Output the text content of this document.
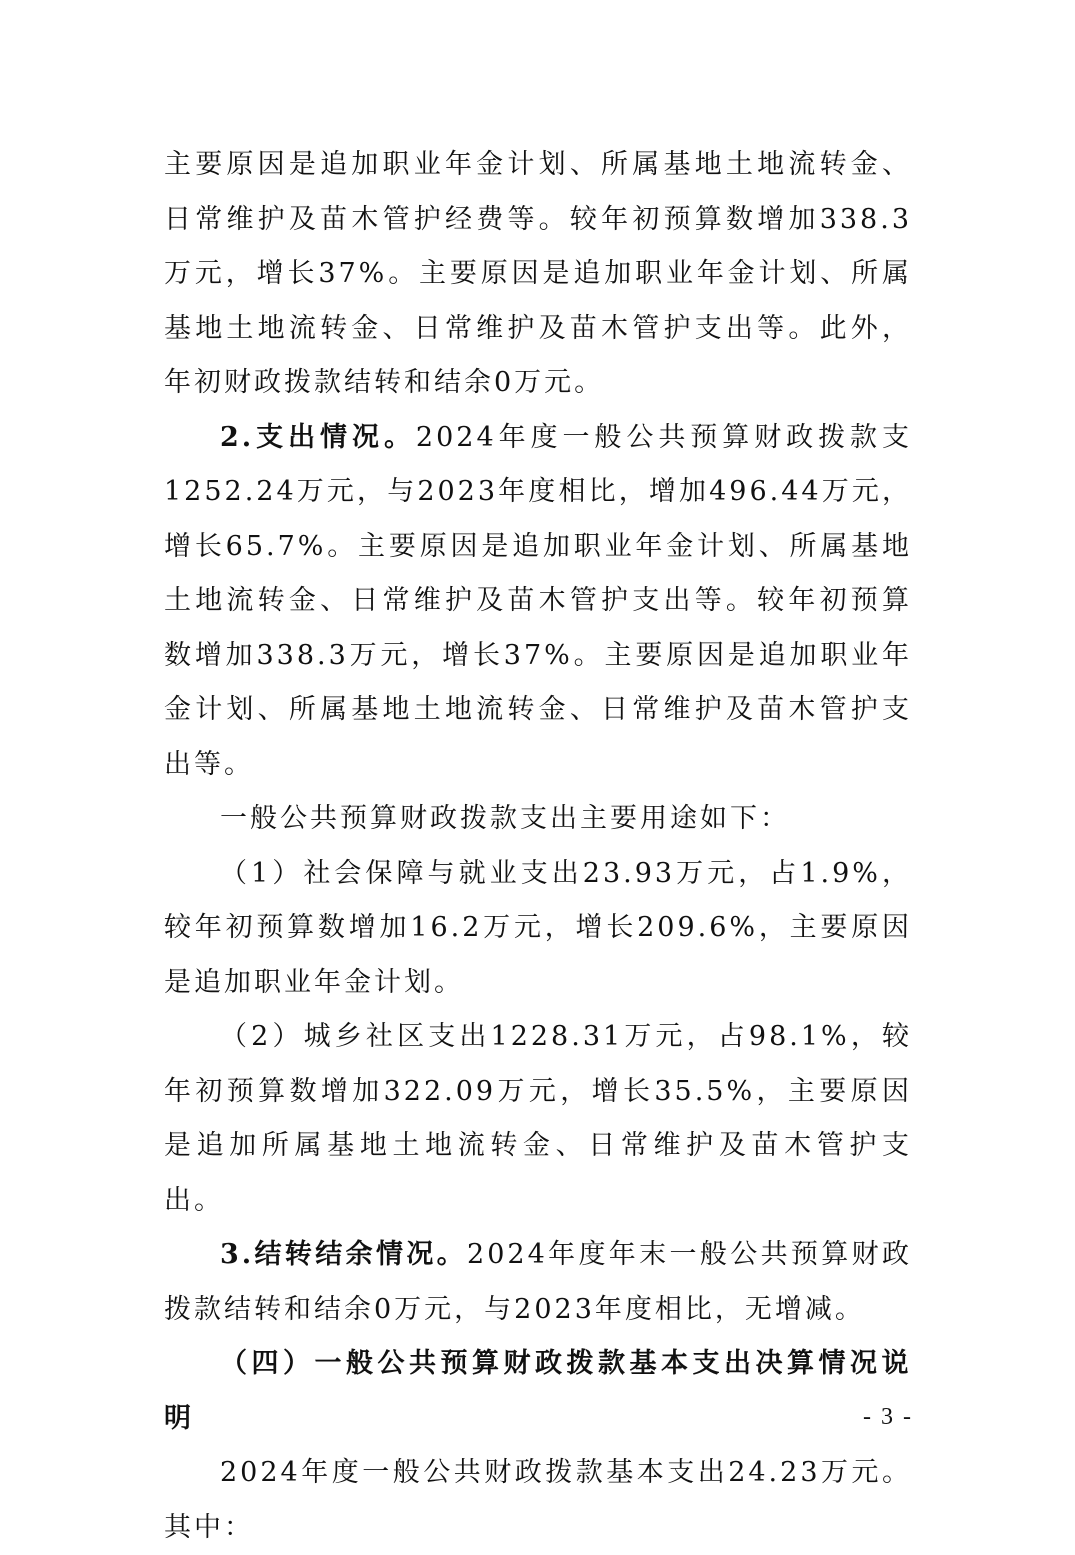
主要原因是追加职业年金计划、所属基地土地流转金、日常维护及苗木管护经费等。较年初预算数增加338.3万元，增长37%。主要原因是追加职业年金计划、所属基地土地流转金、日常维护及苗木管护支出等。此外，年初财政拨款结转和结余0万元。

2.支出情况。2024年度一般公共预算财政拨款支1252.24万元，与2023年度相比，增加496.44万元，增长65.7%。主要原因是追加职业年金计划、所属基地土地流转金、日常维护及苗木管护支出等。较年初预算数增加338.3万元，增长37%。主要原因是追加职业年金计划、所属基地土地流转金、日常维护及苗木管护支出等。

一般公共预算财政拨款支出主要用途如下：

（1）社会保障与就业支出23.93万元，占1.9%，较年初预算数增加16.2万元，增长209.6%，主要原因是追加职业年金计划。

（2）城乡社区支出1228.31万元，占98.1%，较年初预算数增加322.09万元，增长35.5%，主要原因是追加所属基地土地流转金、日常维护及苗木管护支出。

3.结转结余情况。2024年度年末一般公共预算财政拨款结转和结余0万元，与2023年度相比，无增减。

（四）一般公共预算财政拨款基本支出决算情况说明

2024年度一般公共财政拨款基本支出24.23万元。其中：

- 3 -
